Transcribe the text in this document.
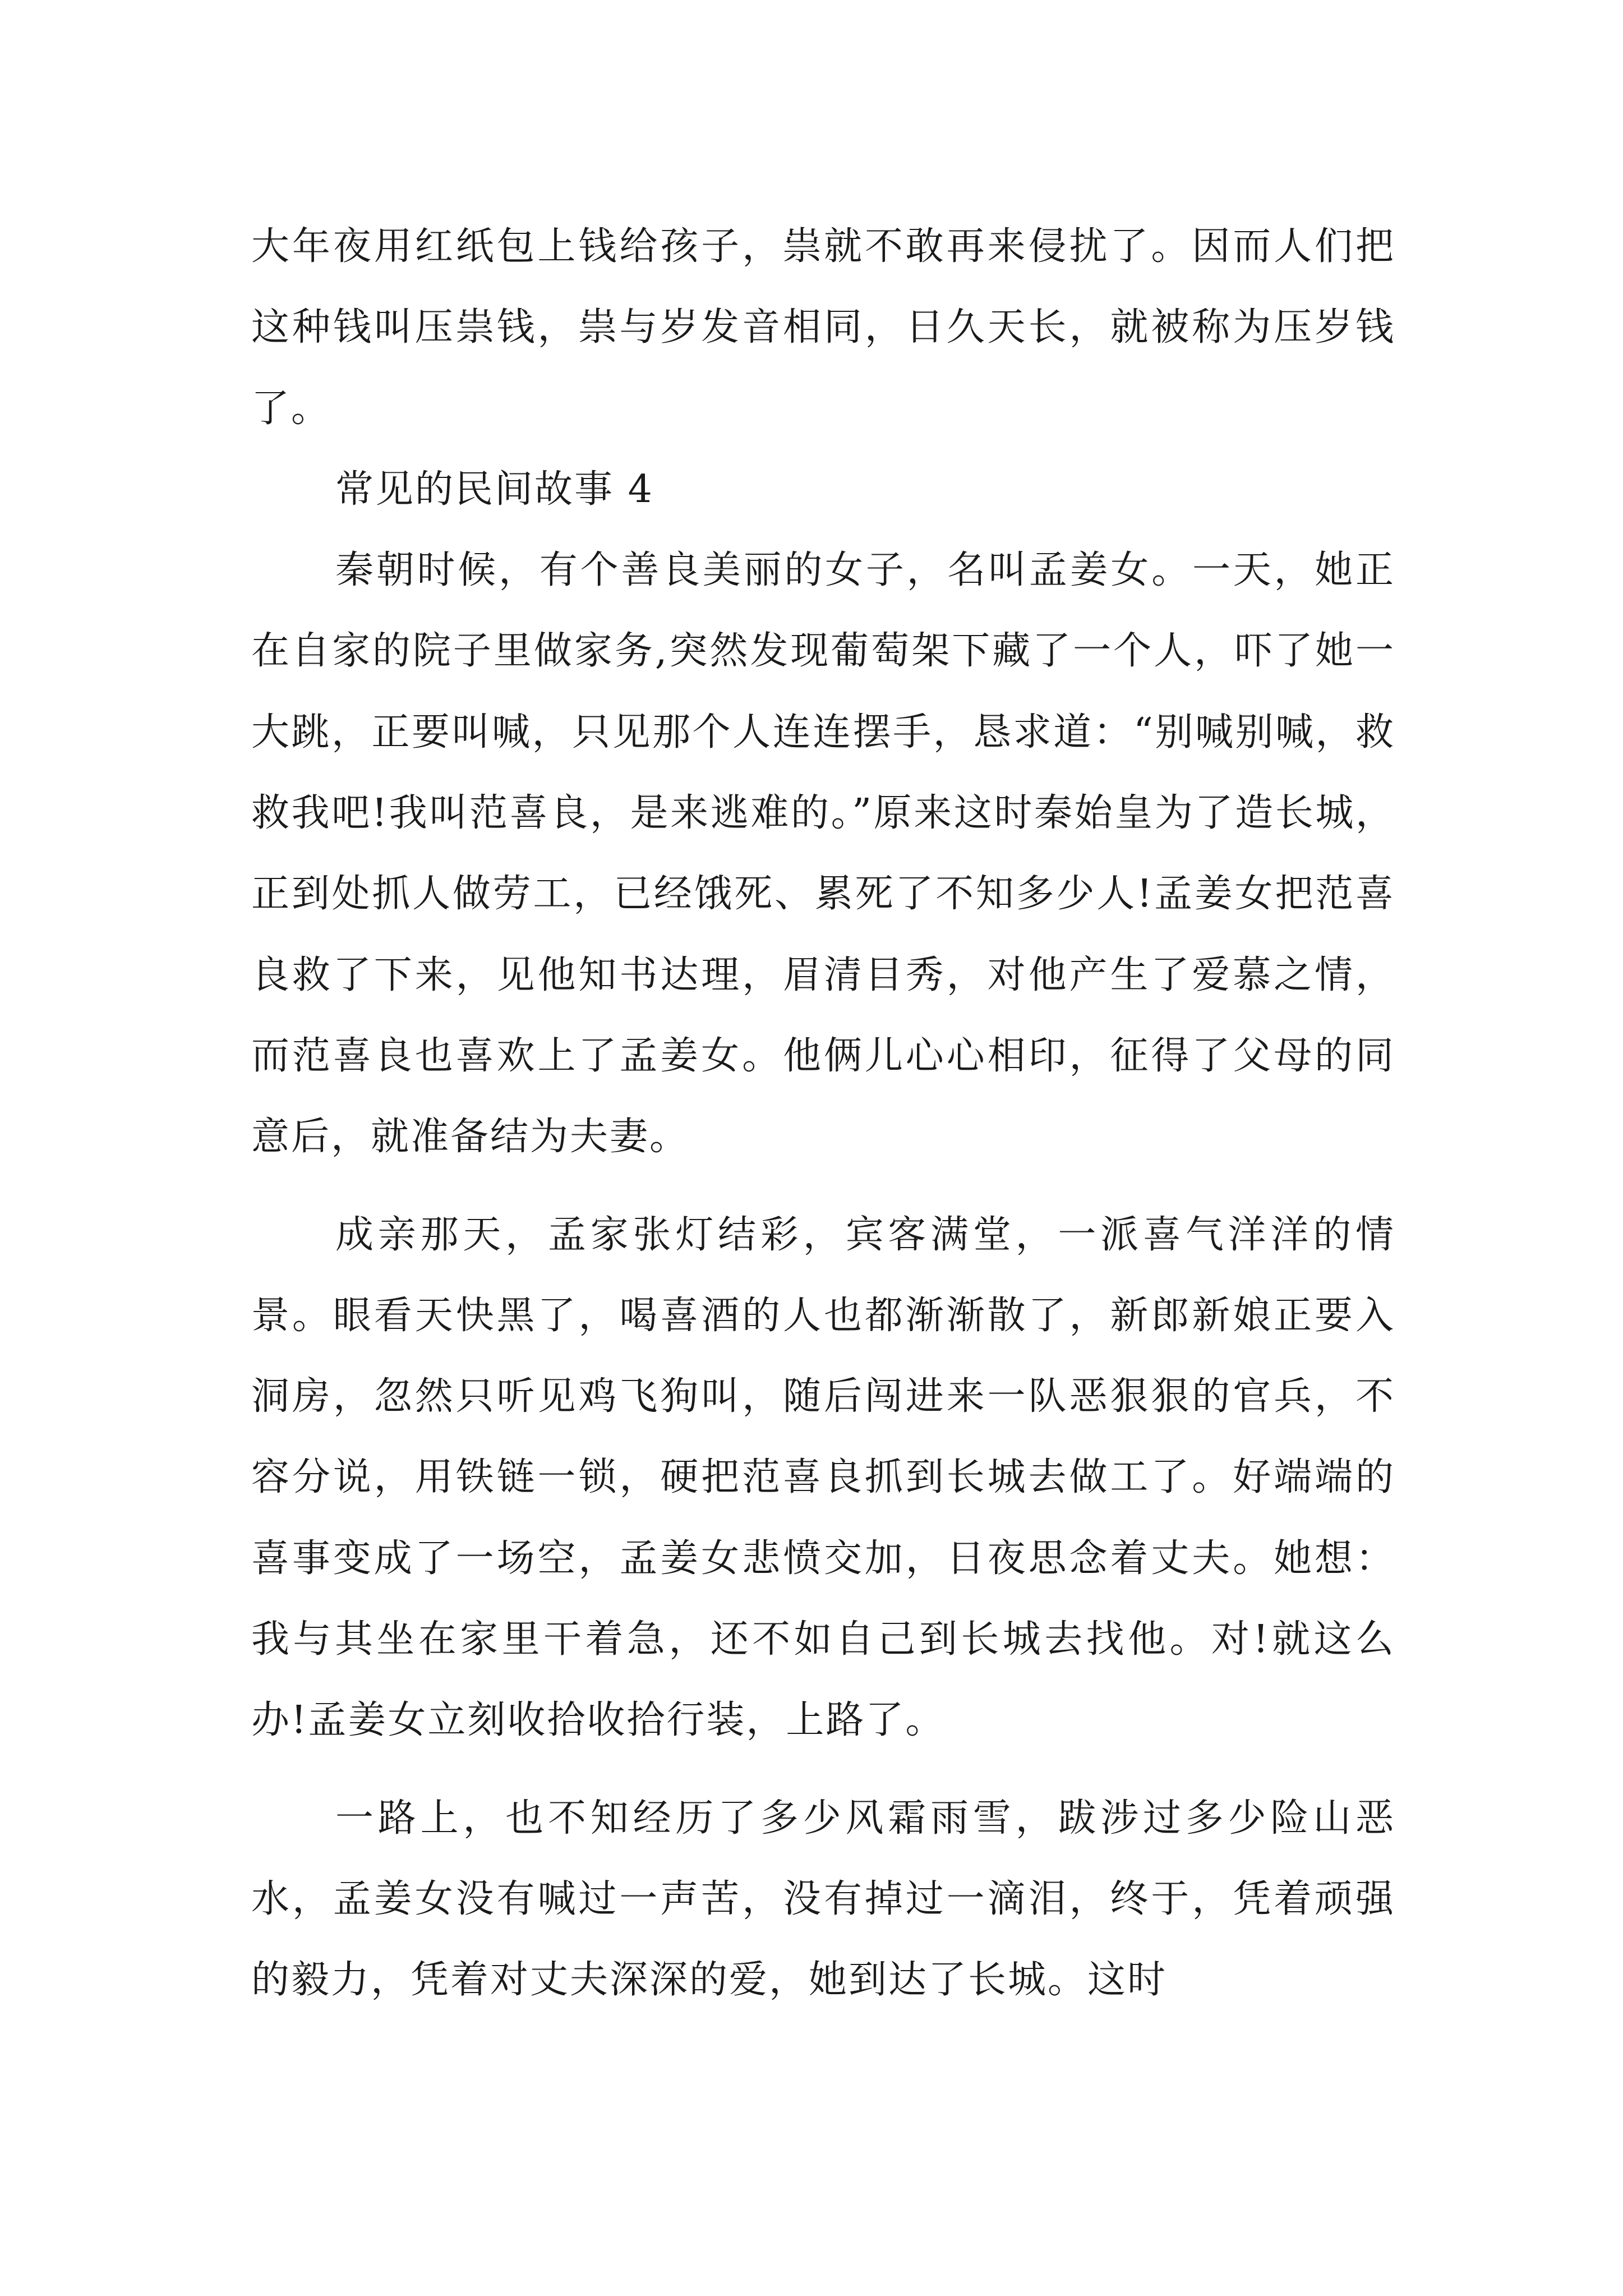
大年夜用红纸包上钱给孩子，祟就不敢再来侵扰了。因而人们把这种钱叫压祟钱，祟与岁发音相同，日久天长，就被称为压岁钱了。

常见的民间故事 4

秦朝时候，有个善良美丽的女子，名叫孟姜女。一天，她正在自家的院子里做家务,突然发现葡萄架下藏了一个人，吓了她一大跳，正要叫喊，只见那个人连连摆手，恳求道：“别喊别喊，救救我吧!我叫范喜良，是来逃难的。”原来这时秦始皇为了造长城，正到处抓人做劳工，已经饿死、累死了不知多少人!孟姜女把范喜良救了下来，见他知书达理，眉清目秀，对他产生了爱慕之情，而范喜良也喜欢上了孟姜女。他俩儿心心相印，征得了父母的同意后，就准备结为夫妻。

成亲那天，孟家张灯结彩，宾客满堂，一派喜气洋洋的情景。眼看天快黑了，喝喜酒的人也都渐渐散了，新郎新娘正要入洞房，忽然只听见鸡飞狗叫，随后闯进来一队恶狠狠的官兵，不容分说，用铁链一锁，硬把范喜良抓到长城去做工了。好端端的喜事变成了一场空，孟姜女悲愤交加，日夜思念着丈夫。她想：我与其坐在家里干着急，还不如自己到长城去找他。对!就这么办!孟姜女立刻收拾收拾行装，上路了。

一路上，也不知经历了多少风霜雨雪，跋涉过多少险山恶水，孟姜女没有喊过一声苦，没有掉过一滴泪，终于，凭着顽强的毅力，凭着对丈夫深深的爱，她到达了长城。这时
